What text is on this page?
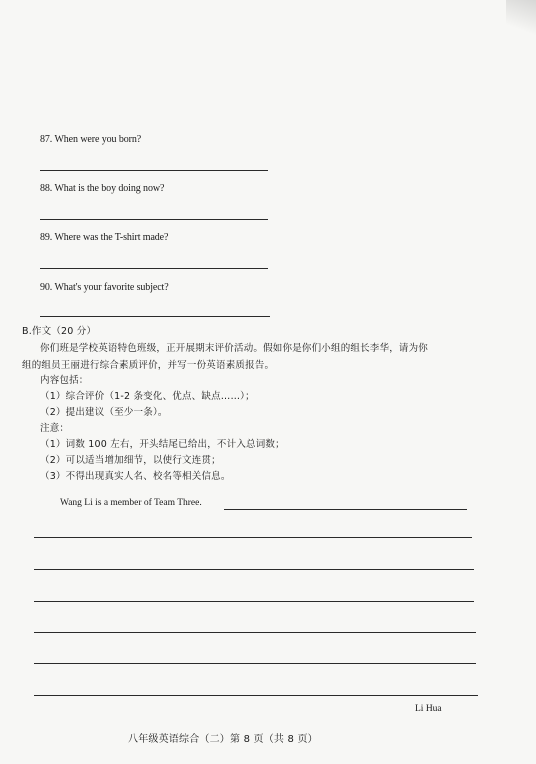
87. When were you born?
88. What is the boy doing now?
89. Where was the T-shirt made?
90. What's your favorite subject?
B.作文（20 分）
你们班是学校英语特色班级，正开展期末评价活动。假如你是你们小组的组长李华，请为你
组的组员王丽进行综合素质评价，并写一份英语素质报告。
内容包括：
（1）综合评价（1-2 条变化、优点、缺点……）；
（2）提出建议（至少一条）。
注意：
（1）词数 100 左右，开头结尾已给出，不计入总词数；
（2）可以适当增加细节，以使行文连贯；
（3）不得出现真实人名、校名等相关信息。
Wang Li is a member of Team Three.
Li Hua
八年级英语综合（二）第 8 页（共 8 页）
